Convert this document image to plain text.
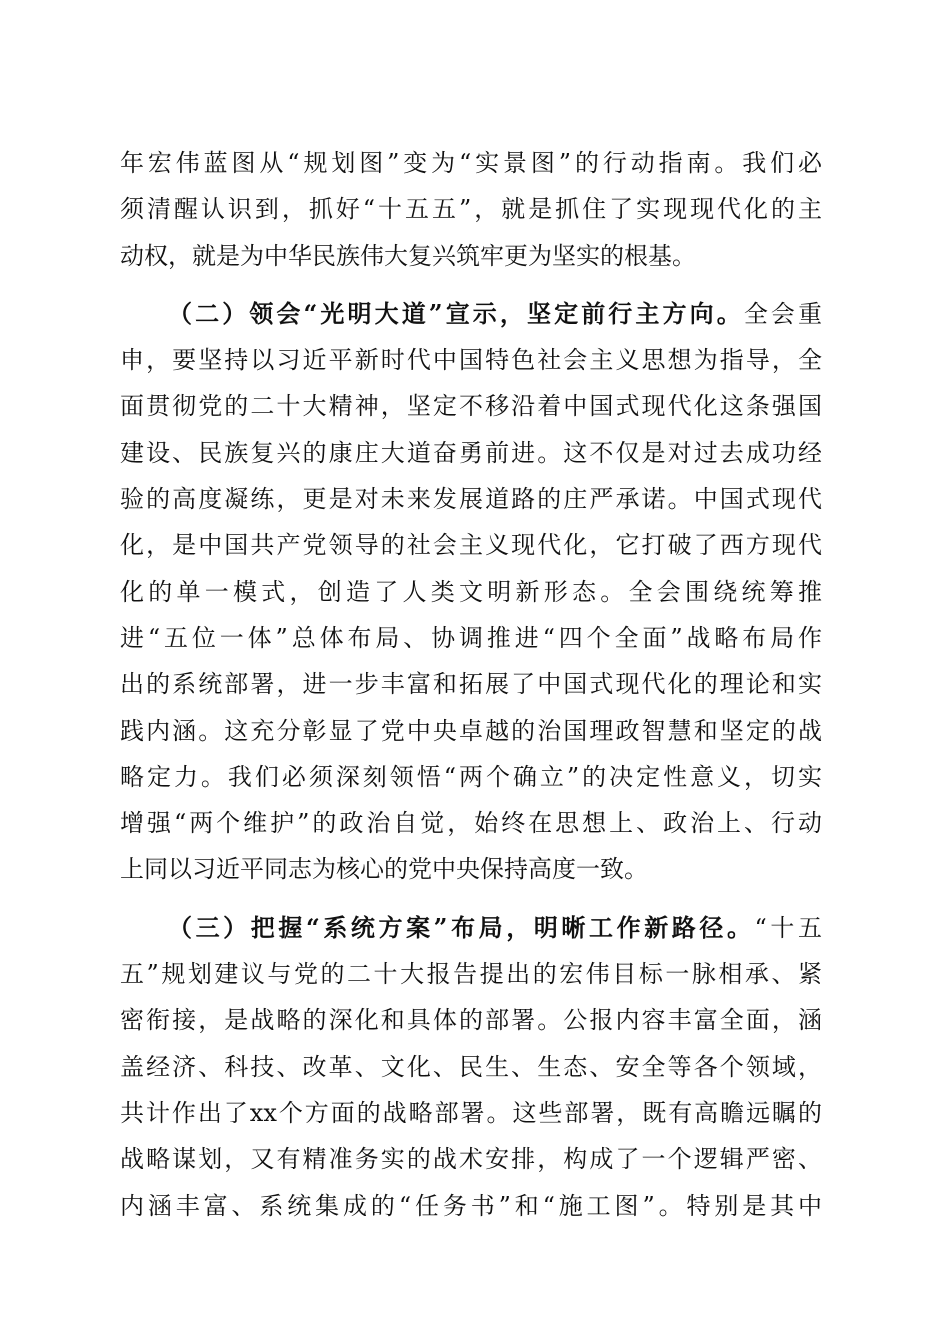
年宏伟蓝图从“规划图”变为“实景图”的行动指南。我们必
须清醒认识到，抓好“十五五”，就是抓住了实现现代化的主
动权，就是为中华民族伟大复兴筑牢更为坚实的根基。
（二）领会“光明大道”宣示，坚定前行主方向。全会重
申，要坚持以习近平新时代中国特色社会主义思想为指导，全
面贯彻党的二十大精神，坚定不移沿着中国式现代化这条强国
建设、民族复兴的康庄大道奋勇前进。这不仅是对过去成功经
验的高度凝练，更是对未来发展道路的庄严承诺。中国式现代
化，是中国共产党领导的社会主义现代化，它打破了西方现代
化的单一模式，创造了人类文明新形态。全会围绕统筹推
进“五位一体”总体布局、协调推进“四个全面”战略布局作
出的系统部署，进一步丰富和拓展了中国式现代化的理论和实
践内涵。这充分彰显了党中央卓越的治国理政智慧和坚定的战
略定力。我们必须深刻领悟“两个确立”的决定性意义，切实
增强“两个维护”的政治自觉，始终在思想上、政治上、行动
上同以习近平同志为核心的党中央保持高度一致。
（三）把握“系统方案”布局，明晰工作新路径。“十五
五”规划建议与党的二十大报告提出的宏伟目标一脉相承、紧
密衔接，是战略的深化和具体的部署。公报内容丰富全面，涵
盖经济、科技、改革、文化、民生、生态、安全等各个领域，
共计作出了xx个方面的战略部署。这些部署，既有高瞻远瞩的
战略谋划，又有精准务实的战术安排，构成了一个逻辑严密、
内涵丰富、系统集成的“任务书”和“施工图”。特别是其中
